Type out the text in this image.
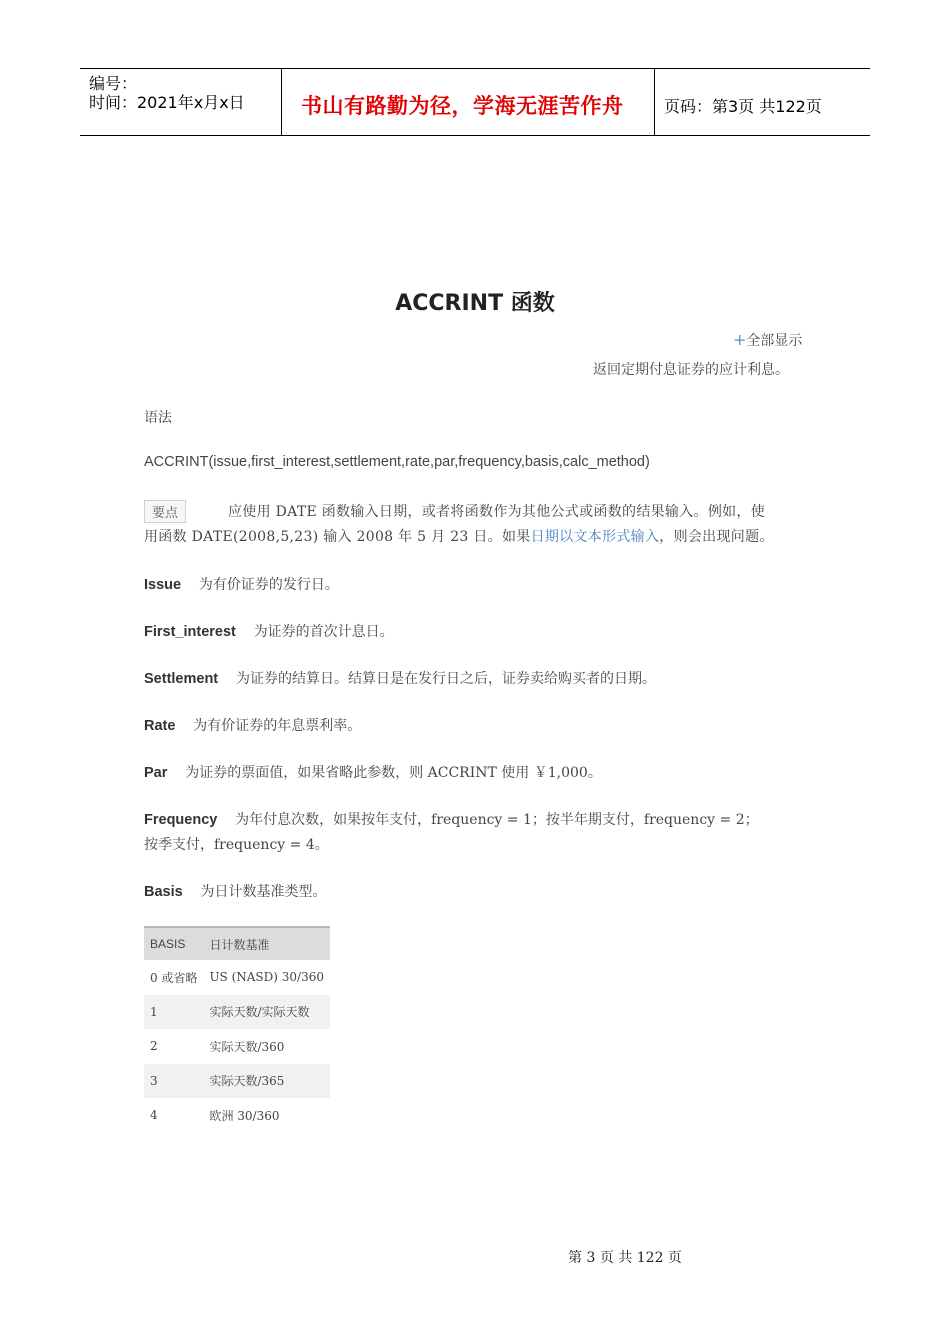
编号：
时间：2021年x月x日	书山有路勤为径，学海无涯苦作舟	页码：第3页 共122页
ACCRINT 函数
+全部显示
返回定期付息证券的应计利息。
语法
ACCRINT(issue,first_interest,settlement,rate,par,frequency,basis,calc_method)
要点	应使用 DATE 函数输入日期，或者将函数作为其他公式或函数的结果输入。例如，使
用函数 DATE(2008,5,23) 输入 2008 年 5 月 23 日。如果日期以文本形式输入，则会出现问题。
Issue 为有价证券的发行日。
First_interest 为证券的首次计息日。
Settlement 为证券的结算日。结算日是在发行日之后，证券卖给购买者的日期。
Rate 为有价证券的年息票利率。
Par 为证券的票面值，如果省略此参数，则 ACCRINT 使用 ￥1,000。
Frequency 为年付息次数，如果按年支付，frequency = 1；按半年期支付，frequency = 2；
按季支付，frequency = 4。
Basis 为日计数基准类型。
BASIS	日计数基准
0 或省略	US (NASD) 30/360
1	实际天数/实际天数
2	实际天数/360
3	实际天数/365
4	欧洲 30/360
第 3 页 共 122 页
